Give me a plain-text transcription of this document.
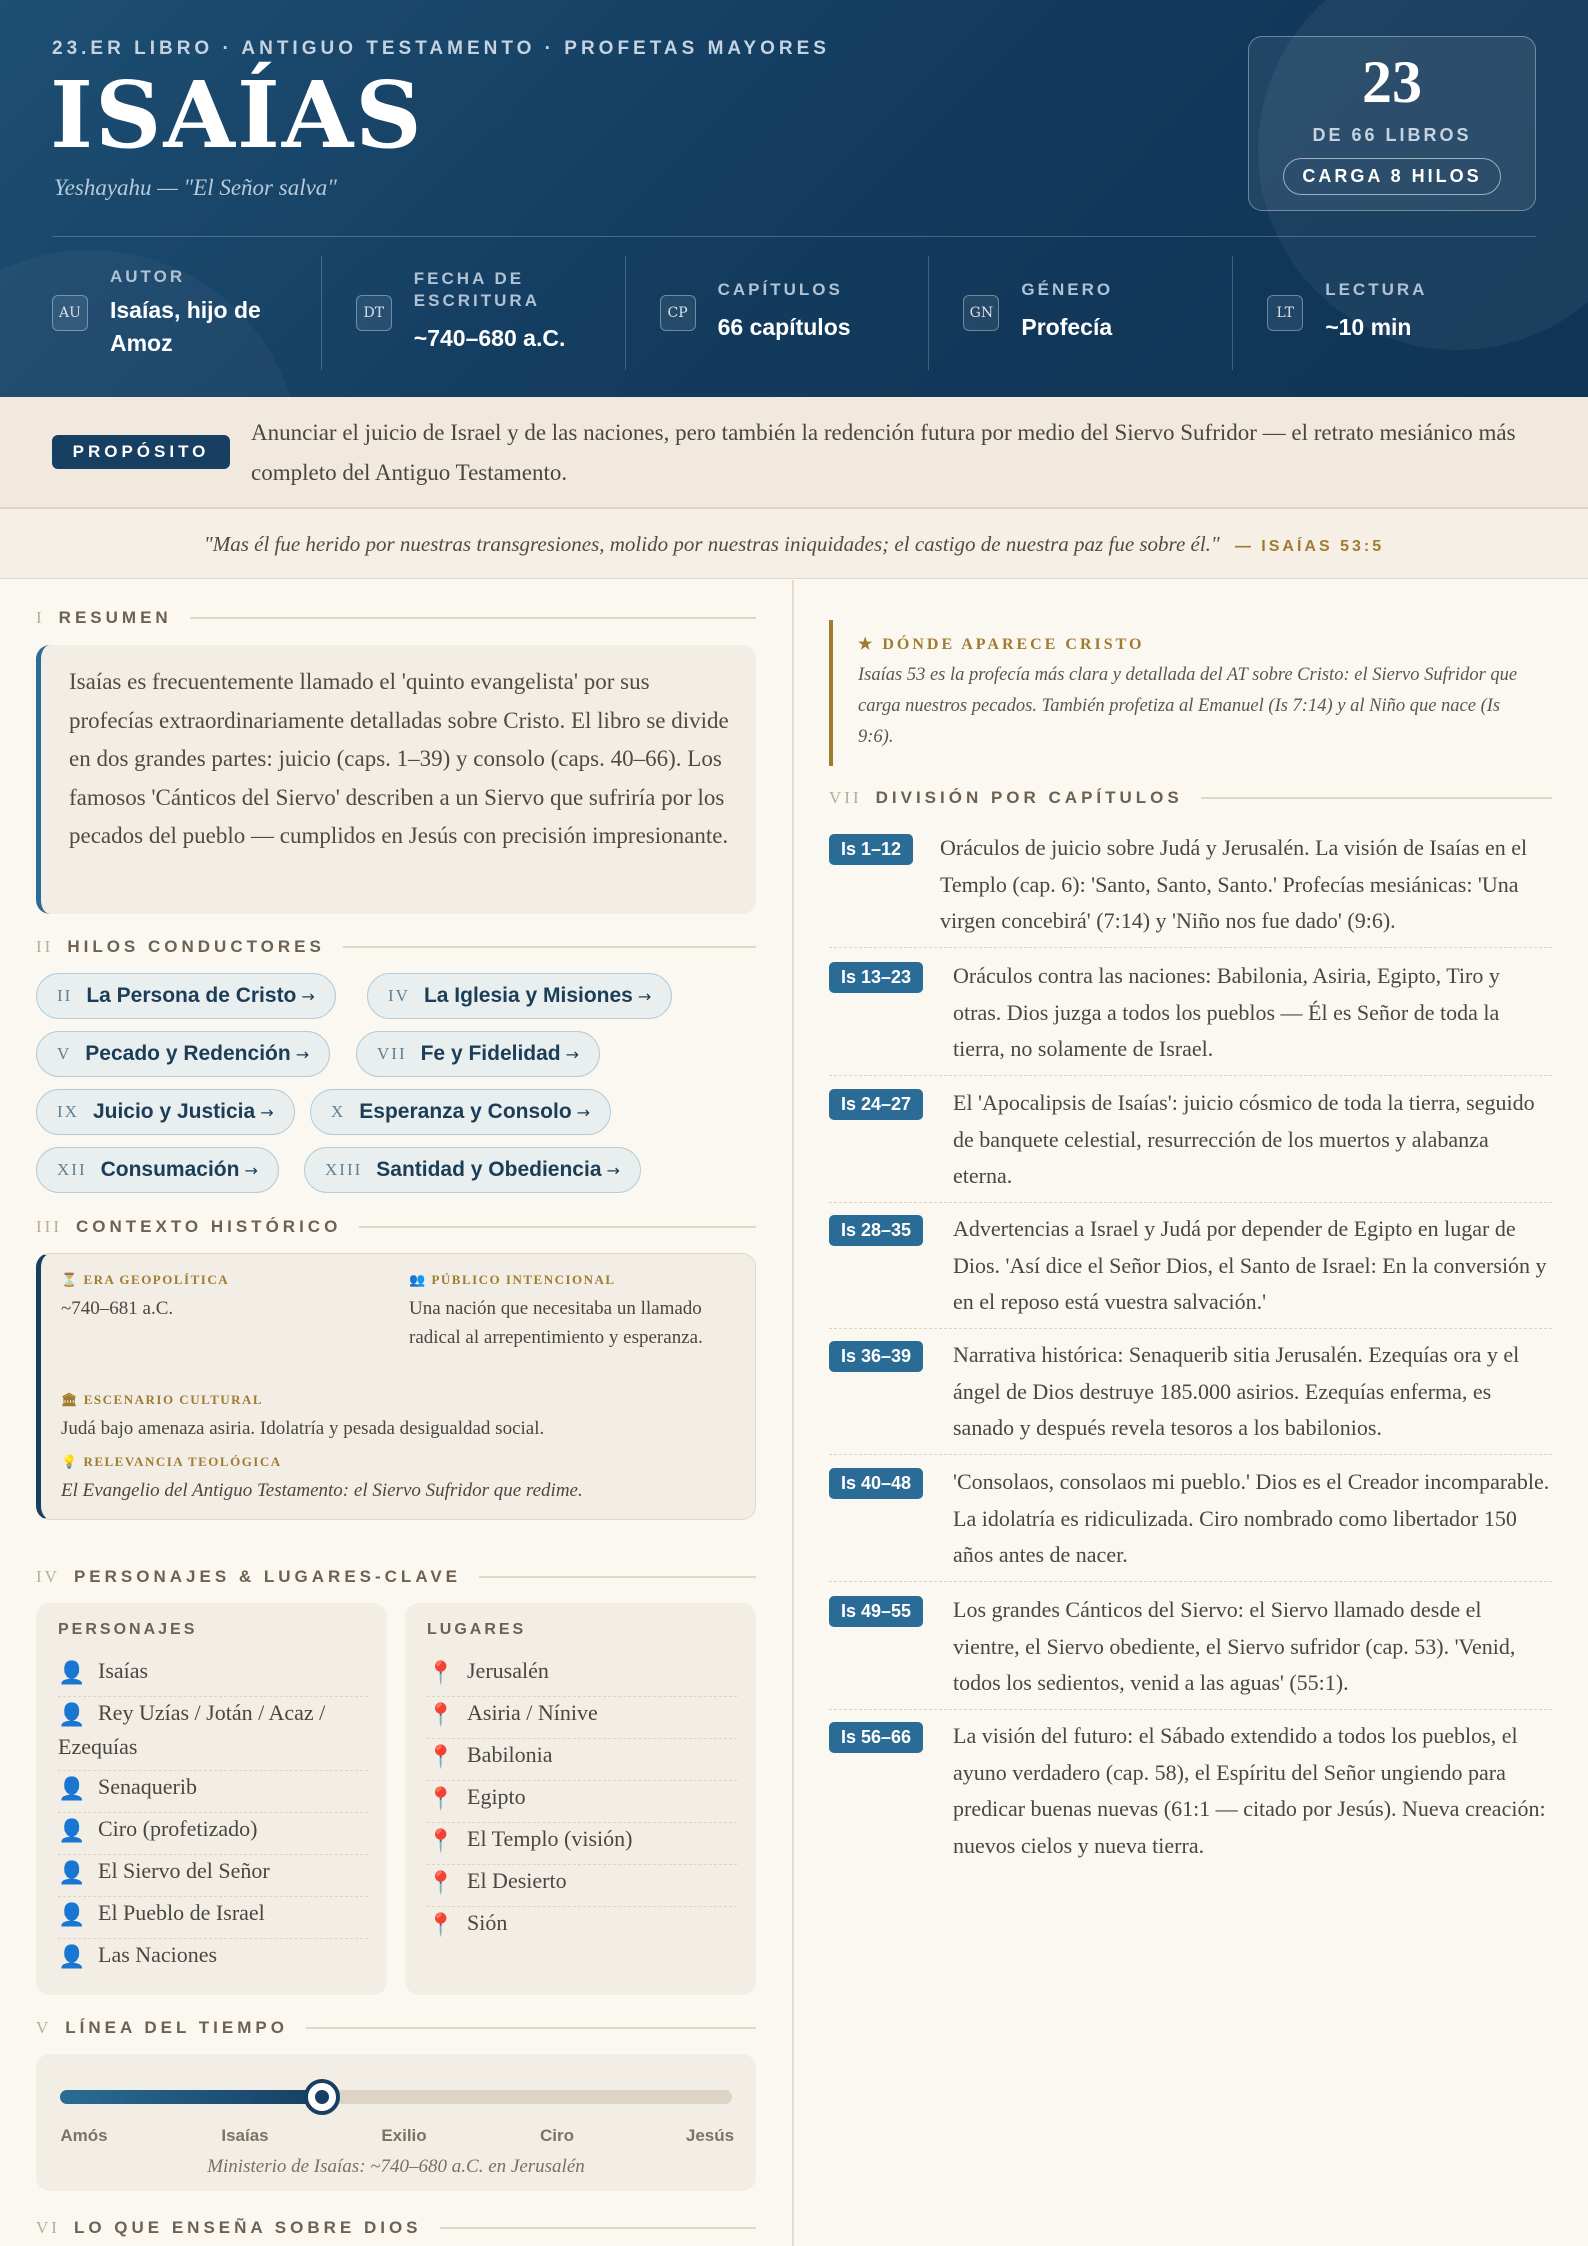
23.ER LIBRO · ANTIGUO TESTAMENTO · PROFETAS MAYORES
ISAÍAS
Yeshayahu — "El Señor salva"
23
DE 66 LIBROS
CARGA 8 HILOS
AU
AUTOR
Isaías, hijo de Amoz
DT
FECHA DE ESCRITURA
~740–680 a.C.
CP
CAPÍTULOS
66 capítulos
GN
GÉNERO
Profecía
LT
LECTURA
~10 min
PROPÓSITO
Anunciar el juicio de Israel y de las naciones, pero también la redención futura por medio del Siervo Sufridor — el retrato mesiánico más completo del Antiguo Testamento.
"Mas él fue herido por nuestras transgresiones, molido por nuestras iniquidades; el castigo de nuestra paz fue sobre él." — ISAÍAS 53:5
I RESUMEN

Isaías es frecuentemente llamado el 'quinto evangelista' por sus profecías extraordinariamente detalladas sobre Cristo. El libro se divide en dos grandes partes: juicio (caps. 1–39) y consolo (caps. 40–66). Los famosos 'Cánticos del Siervo' describen a un Siervo que sufriría por los pecados del pueblo — cumplidos en Jesús con precisión impresionante.

II HILOS CONDUCTORES
II La Persona de Cristo →	IV La Iglesia y Misiones →
V Pecado y Redención →	VII Fe y Fidelidad →
IX Juicio y Justicia →	X Esperanza y Consolo →
XII Consumación →	XIII Santidad y Obediencia →
III CONTEXTO HISTÓRICO
⏳ ERA GEOPOLÍTICA
~740–681 a.C.
👥 PÚBLICO INTENCIONAL
Una nación que necesitaba un llamado radical al arrepentimiento y esperanza.
🏛 ESCENARIO CULTURAL
Judá bajo amenaza asiria. Idolatría y pesada desigualdad social.
💡 RELEVANCIA TEOLÓGICA
El Evangelio del Antiguo Testamento: el Siervo Sufridor que redime.
IV PERSONAJES & LUGARES-CLAVE
PERSONAJES
👤 Isaías
👤 Rey Uzías / Jotán / Acaz / Ezequías
👤 Senaquerib
👤 Ciro (profetizado)
👤 El Siervo del Señor
👤 El Pueblo de Israel
👤 Las Naciones
LUGARES
📍 Jerusalén
📍 Asiria / Nínive
📍 Babilonia
📍 Egipto
📍 El Templo (visión)
📍 El Desierto
📍 Sión
V LÍNEA DEL TIEMPO
Amós	Isaías	Exilio	Ciro	Jesús
Ministerio de Isaías: ~740–680 a.C. en Jerusalén
VI LO QUE ENSEÑA SOBRE DIOS
★ DÓNDE APARECE CRISTO
Isaías 53 es la profecía más clara y detallada del AT sobre Cristo: el Siervo Sufridor que carga nuestros pecados. También profetiza al Emanuel (Is 7:14) y al Niño que nace (Is 9:6).
VII DIVISIÓN POR CAPÍTULOS
Is 1–12	Oráculos de juicio sobre Judá y Jerusalén. La visión de Isaías en el Templo (cap. 6): 'Santo, Santo, Santo.' Profecías mesiánicas: 'Una virgen concebirá' (7:14) y 'Niño nos fue dado' (9:6).
Is 13–23	Oráculos contra las naciones: Babilonia, Asiria, Egipto, Tiro y otras. Dios juzga a todos los pueblos — Él es Señor de toda la tierra, no solamente de Israel.
Is 24–27	El 'Apocalipsis de Isaías': juicio cósmico de toda la tierra, seguido de banquete celestial, resurrección de los muertos y alabanza eterna.
Is 28–35	Advertencias a Israel y Judá por depender de Egipto en lugar de Dios. 'Así dice el Señor Dios, el Santo de Israel: En la conversión y en el reposo está vuestra salvación.'
Is 36–39	Narrativa histórica: Senaquerib sitia Jerusalén. Ezequías ora y el ángel de Dios destruye 185.000 asirios. Ezequías enferma, es sanado y después revela tesoros a los babilonios.
Is 40–48	'Consolaos, consolaos mi pueblo.' Dios es el Creador incomparable. La idolatría es ridiculizada. Ciro nombrado como libertador 150 años antes de nacer.
Is 49–55	Los grandes Cánticos del Siervo: el Siervo llamado desde el vientre, el Siervo obediente, el Siervo sufridor (cap. 53). 'Venid, todos los sedientos, venid a las aguas' (55:1).
Is 56–66	La visión del futuro: el Sábado extendido a todos los pueblos, el ayuno verdadero (cap. 58), el Espíritu del Señor ungiendo para predicar buenas nuevas (61:1 — citado por Jesús). Nueva creación: nuevos cielos y nueva tierra.
